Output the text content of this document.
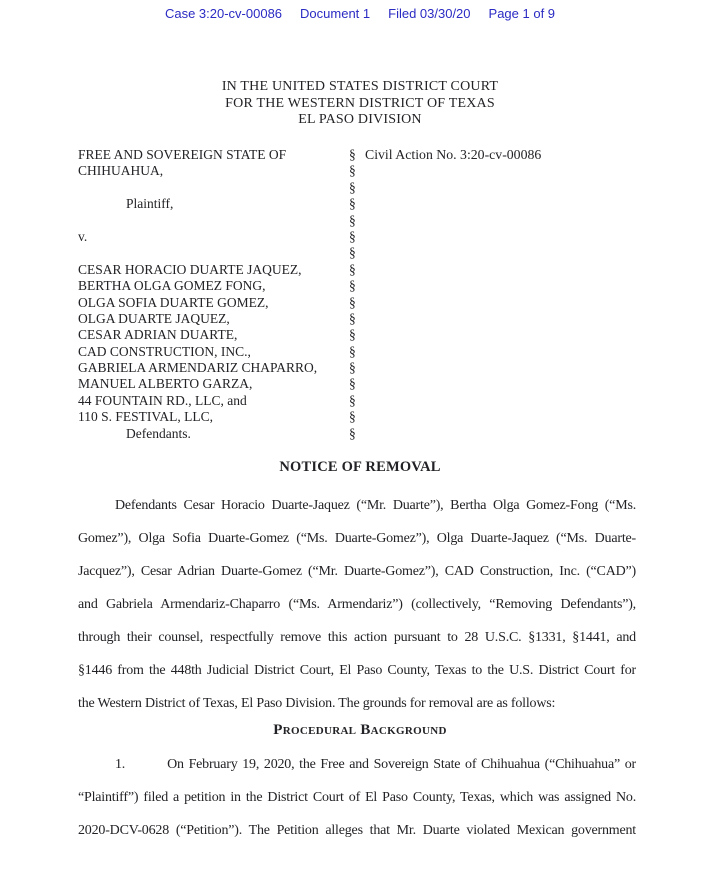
Case 3:20-cv-00086 Document 1 Filed 03/30/20 Page 1 of 9
IN THE UNITED STATES DISTRICT COURT
FOR THE WESTERN DISTRICT OF TEXAS
EL PASO DIVISION
FREE AND SOVEREIGN STATE OF
CHIHUAHUA,
Plaintiff,
v.
CESAR HORACIO DUARTE JAQUEZ,
BERTHA OLGA GOMEZ FONG,
OLGA SOFIA DUARTE GOMEZ,
OLGA DUARTE JAQUEZ,
CESAR ADRIAN DUARTE,
CAD CONSTRUCTION, INC.,
GABRIELA ARMENDARIZ CHAPARRO,
MANUEL ALBERTO GARZA,
44 FOUNTAIN RD., LLC, and
110 S. FESTIVAL, LLC,
Defendants.
§
§
§
§
§
§
§
§
§
§
§
§
§
§
§
§
§
§
Civil Action No. 3:20-cv-00086
NOTICE OF REMOVAL
Defendants Cesar Horacio Duarte-Jaquez (“Mr. Duarte”), Bertha Olga Gomez-Fong (“Ms.
Gomez”), Olga Sofia Duarte-Gomez (“Ms. Duarte-Gomez”), Olga Duarte-Jaquez (“Ms. Duarte-
Jacquez”), Cesar Adrian Duarte-Gomez (“Mr. Duarte-Gomez”), CAD Construction, Inc. (“CAD”)
and Gabriela Armendariz-Chaparro (“Ms. Armendariz”) (collectively, “Removing Defendants”),
through their counsel, respectfully remove this action pursuant to 28 U.S.C. §1331, §1441, and
§1446 from the 448th Judicial District Court, El Paso County, Texas to the U.S. District Court for
the Western District of Texas, El Paso Division. The grounds for removal are as follows:
Procedural Background
1.	On February 19, 2020, the Free and Sovereign State of Chihuahua (“Chihuahua” or
“Plaintiff”) filed a petition in the District Court of El Paso County, Texas, which was assigned No.
2020-DCV-0628 (“Petition”). The Petition alleges that Mr. Duarte violated Mexican government
